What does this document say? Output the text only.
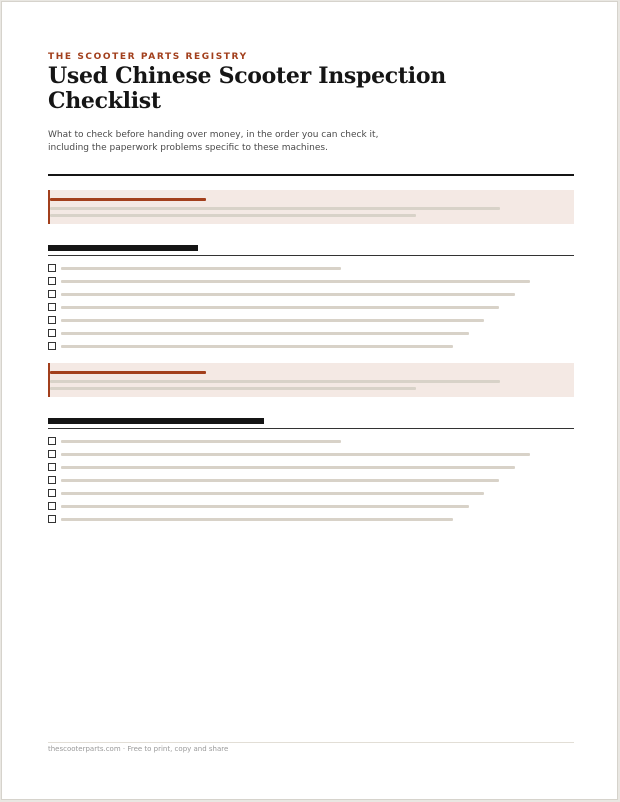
THE SCOOTER PARTS REGISTRY
Used Chinese Scooter Inspection Checklist
What to check before handing over money, in the order you can check it, including the paperwork problems specific to these machines.
thescooterparts.com · Free to print, copy and share
